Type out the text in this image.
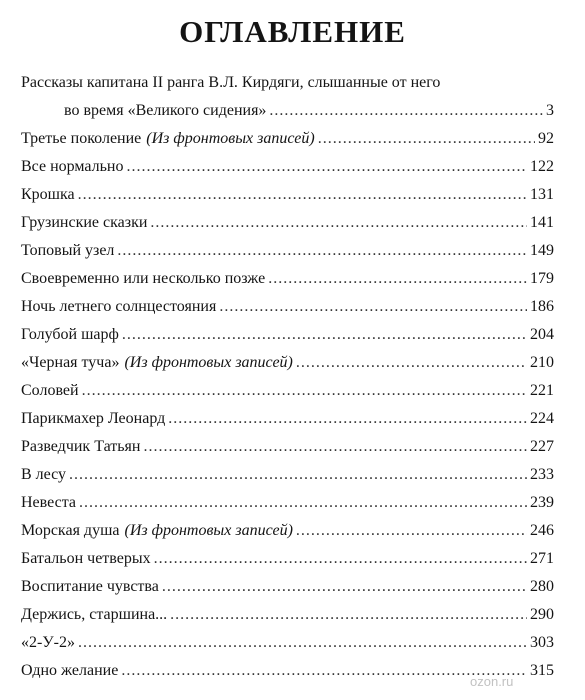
ОГЛАВЛЕНИЕ
Рассказы капитана II ранга В.Л. Кирдяги, слышанные от него
во время «Великого сидения» . . .	3
Третье поколение (Из фронтовых записей) . . .	92
Все нормально . . .	122
Крошка . . .	131
Грузинские сказки . . .	141
Топовый узел . . .	149
Своевременно или несколько позже . . .	179
Ночь летнего солнцестояния . . .	186
Голубой шарф . . .	204
«Черная туча» (Из фронтовых записей) . . .	210
Соловей . . .	221
Парикмахер Леонард . . .	224
Разведчик Татьян . . .	227
В лесу . . .	233
Невеста . . .	239
Морская душа (Из фронтовых записей) . . .	246
Батальон четверых . . .	271
Воспитание чувства . . .	280
Держись, старшина... . . .	290
«2-У-2» . . .	303
Одно желание . . .	315
ozon.ru
